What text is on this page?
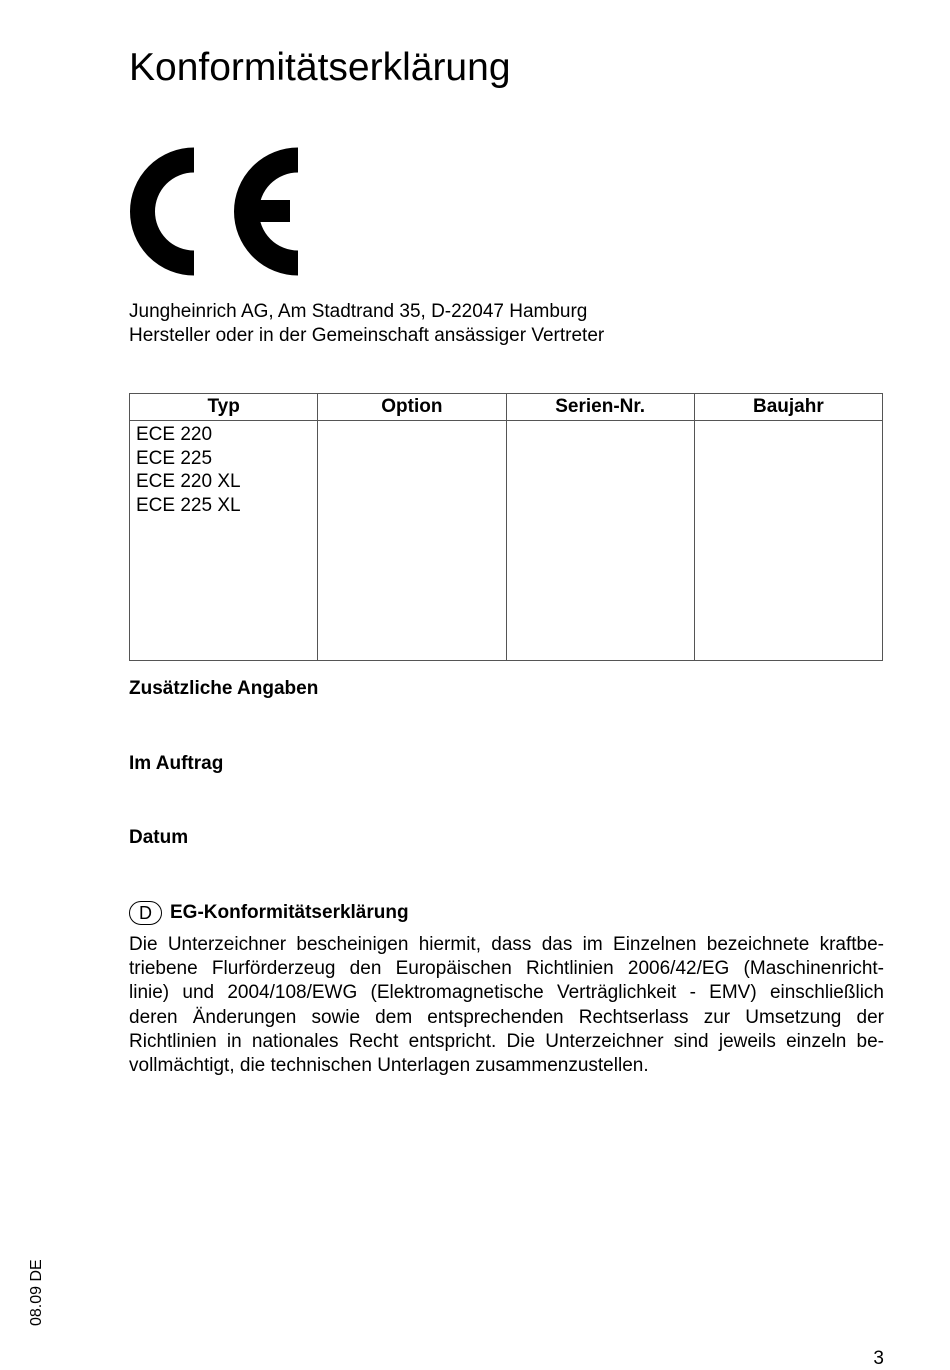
Konformitätserklärung
Jungheinrich AG, Am Stadtrand 35, D-22047 Hamburg
Hersteller oder in der Gemeinschaft ansässiger Vertreter
Typ	Option	Serien-Nr.	Baujahr

ECE 220
ECE 225
ECE 220 XL
ECE 225 XL			

Zusätzliche Angaben
Im Auftrag
Datum
D EG-Konformitätserklärung
Die Unterzeichner bescheinigen hiermit, dass das im Einzelnen bezeichnete kraftbe-
triebene Flurförderzeug den Europäischen Richtlinien 2006/42/EG (Maschinenricht-
linie) und 2004/108/EWG (Elektromagnetische Verträglichkeit - EMV) einschließlich
deren Änderungen sowie dem entsprechenden Rechtserlass zur Umsetzung der
Richtlinien in nationales Recht entspricht. Die Unterzeichner sind jeweils einzeln be-
vollmächtigt, die technischen Unterlagen zusammenzustellen.
08.09 DE
3
